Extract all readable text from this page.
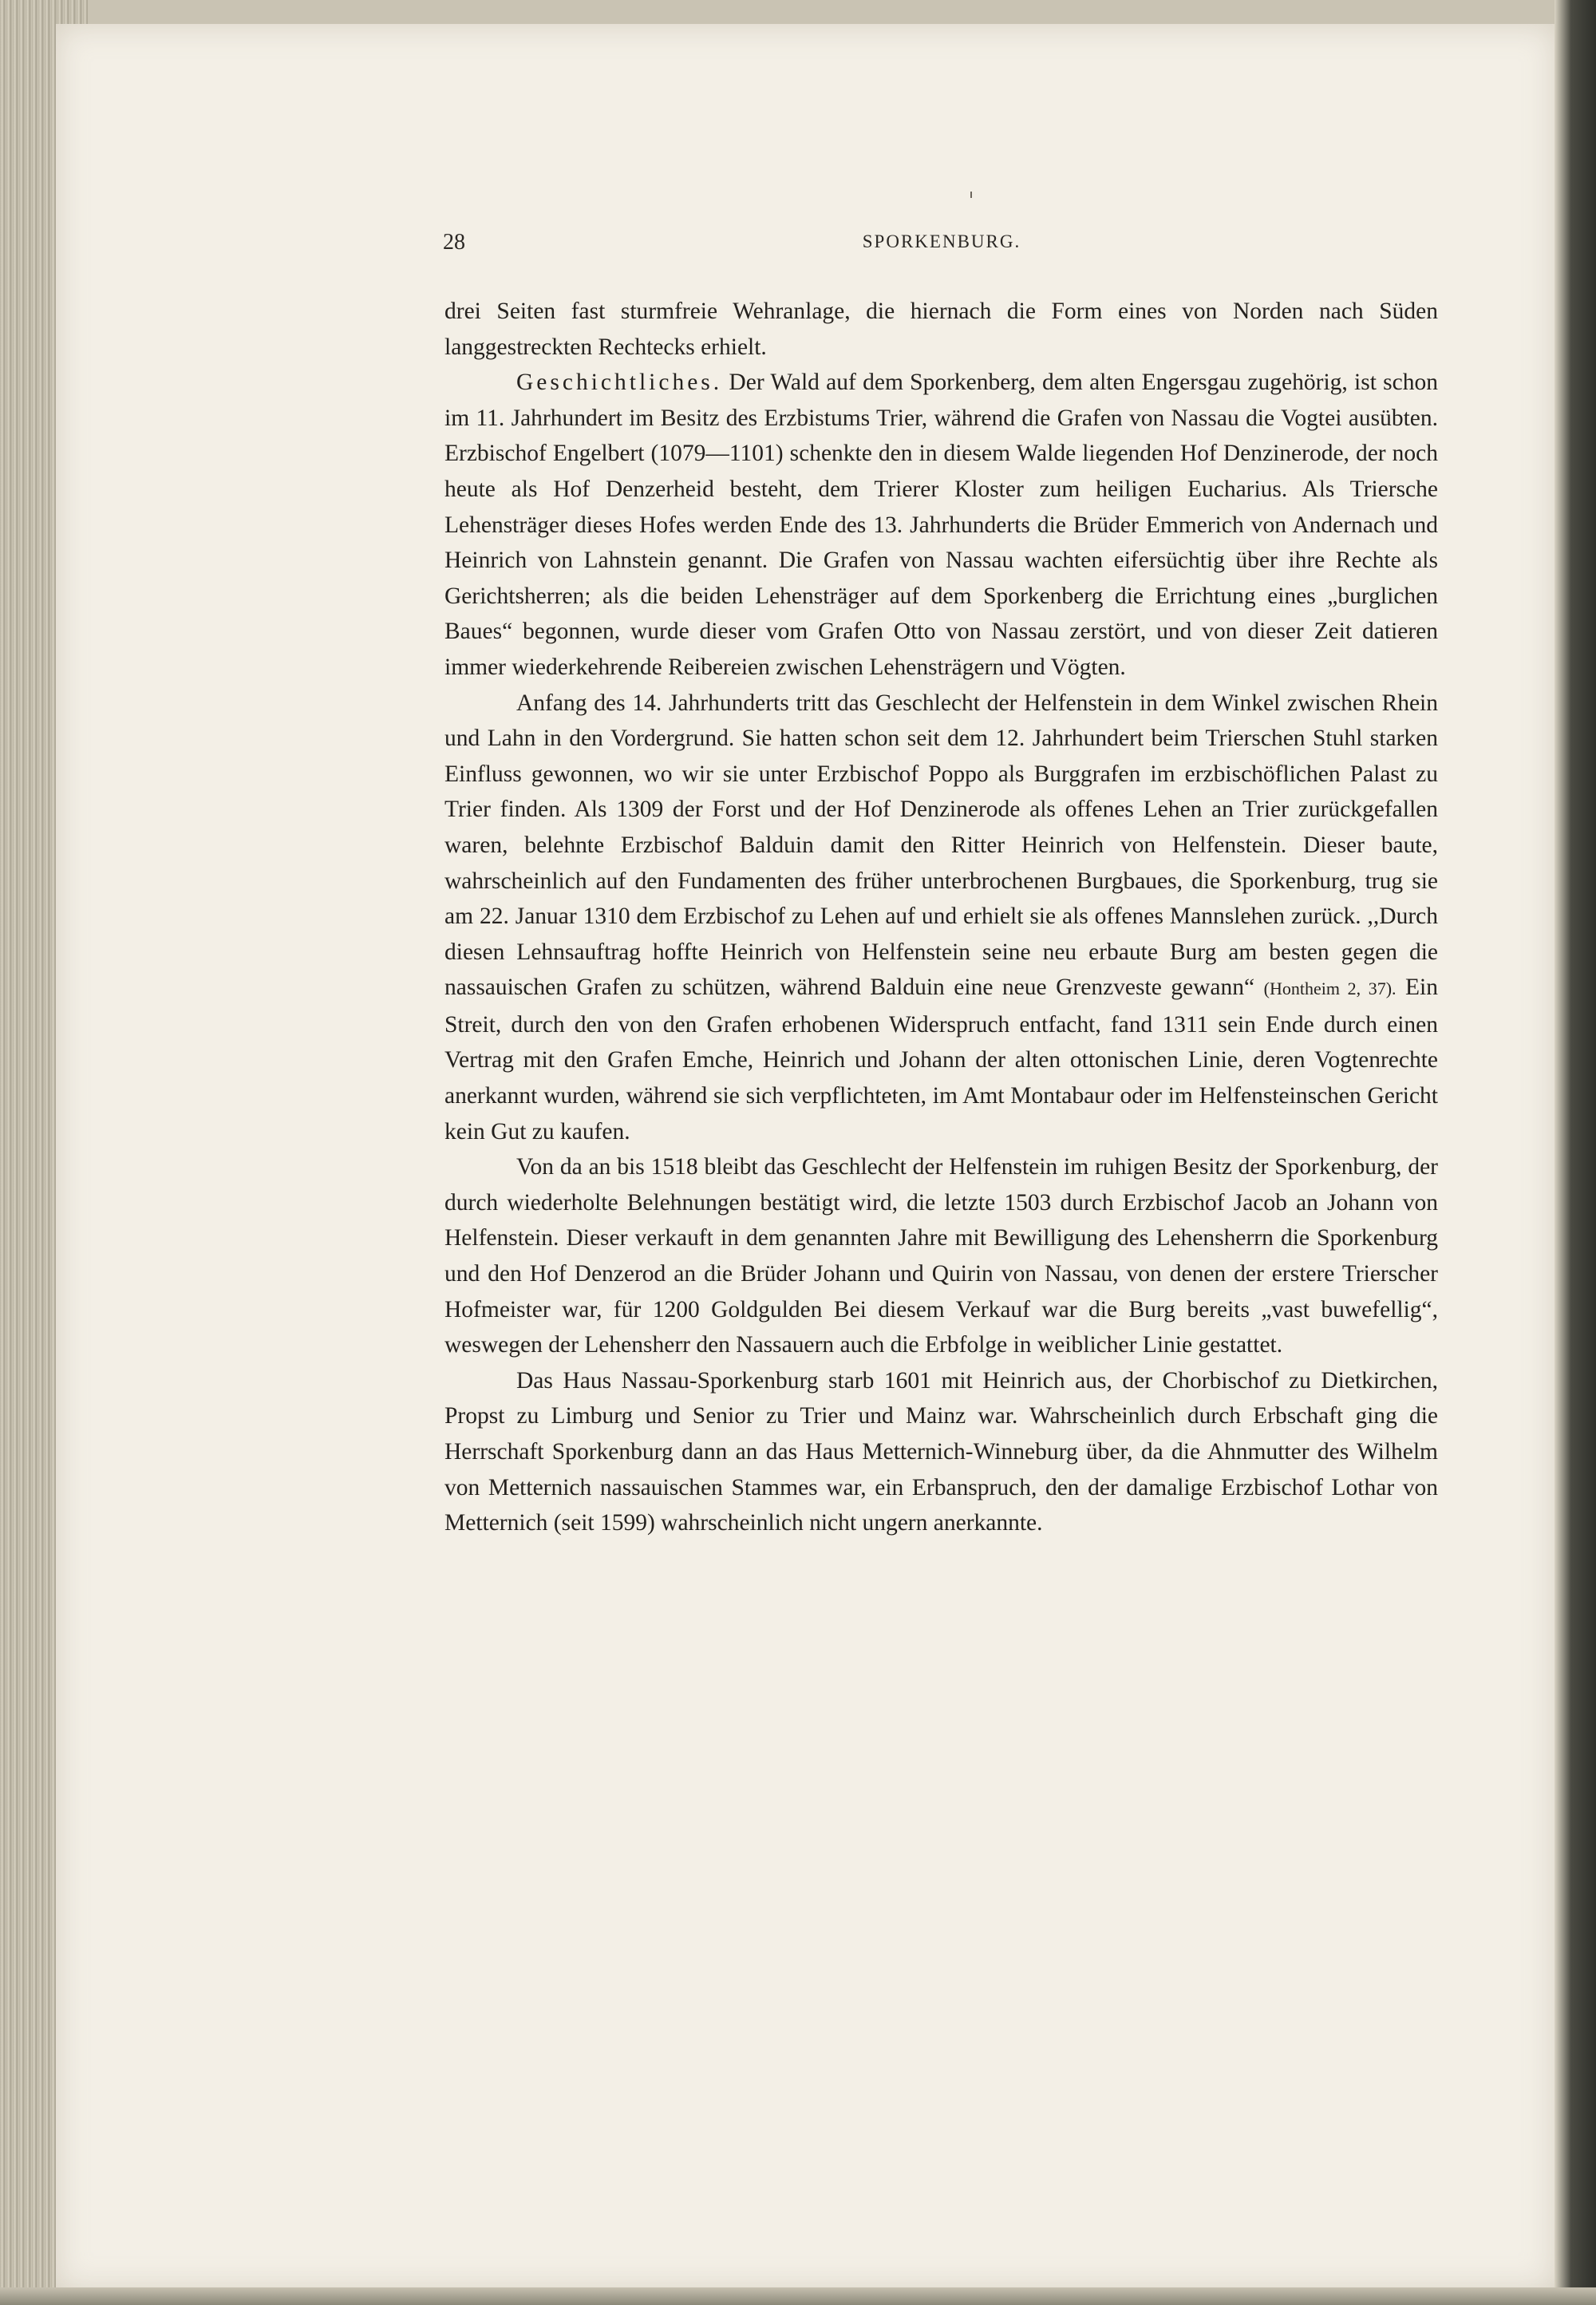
28	SPORKENBURG.

drei Seiten fast sturmfreie Wehranlage, die hiernach die Form eines von Norden nach Süden langgestreckten Rechtecks erhielt.

Geschichtliches. Der Wald auf dem Sporkenberg, dem alten Engersgau zugehörig, ist schon im 11. Jahrhundert im Besitz des Erzbistums Trier, während die Grafen von Nassau die Vogtei ausübten. Erzbischof Engelbert (1079—1101) schenkte den in diesem Walde liegenden Hof Denzinerode, der noch heute als Hof Denzerheid besteht, dem Trierer Kloster zum heiligen Eucharius. Als Triersche Lehensträger dieses Hofes werden Ende des 13. Jahrhunderts die Brüder Emmerich von Andernach und Heinrich von Lahnstein genannt. Die Grafen von Nassau wachten eifersüchtig über ihre Rechte als Gerichtsherren; als die beiden Lehensträger auf dem Sporkenberg die Errichtung eines „burglichen Baues“ begonnen, wurde dieser vom Grafen Otto von Nassau zerstört, und von dieser Zeit datieren immer wiederkehrende Reibereien zwischen Lehensträgern und Vögten.

Anfang des 14. Jahrhunderts tritt das Geschlecht der Helfenstein in dem Winkel zwischen Rhein und Lahn in den Vordergrund. Sie hatten schon seit dem 12. Jahrhundert beim Trierschen Stuhl starken Einfluss gewonnen, wo wir sie unter Erzbischof Poppo als Burggrafen im erzbischöflichen Palast zu Trier finden. Als 1309 der Forst und der Hof Denzinerode als offenes Lehen an Trier zurückgefallen waren, belehnte Erzbischof Balduin damit den Ritter Heinrich von Helfenstein. Dieser baute, wahrscheinlich auf den Fundamenten des früher unterbrochenen Burgbaues, die Sporkenburg, trug sie am 22. Januar 1310 dem Erzbischof zu Lehen auf und erhielt sie als offenes Mannslehen zurück. ,,Durch diesen Lehnsauftrag hoffte Heinrich von Helfenstein seine neu erbaute Burg am besten gegen die nassauischen Grafen zu schützen, während Balduin eine neue Grenzveste gewann“ (Hontheim 2, 37). Ein Streit, durch den von den Grafen erhobenen Widerspruch entfacht, fand 1311 sein Ende durch einen Vertrag mit den Grafen Emche, Heinrich und Johann der alten ottonischen Linie, deren Vogtenrechte anerkannt wurden, während sie sich verpflichteten, im Amt Montabaur oder im Helfensteinschen Gericht kein Gut zu kaufen.

Von da an bis 1518 bleibt das Geschlecht der Helfenstein im ruhigen Besitz der Sporkenburg, der durch wiederholte Belehnungen bestätigt wird, die letzte 1503 durch Erzbischof Jacob an Johann von Helfenstein. Dieser verkauft in dem genannten Jahre mit Bewilligung des Lehensherrn die Sporkenburg und den Hof Denzerod an die Brüder Johann und Quirin von Nassau, von denen der erstere Trierscher Hofmeister war, für 1200 Goldgulden Bei diesem Verkauf war die Burg bereits „vast buwefellig“, weswegen der Lehensherr den Nassauern auch die Erbfolge in weiblicher Linie gestattet.

Das Haus Nassau-Sporkenburg starb 1601 mit Heinrich aus, der Chorbischof zu Dietkirchen, Propst zu Limburg und Senior zu Trier und Mainz war. Wahrscheinlich durch Erbschaft ging die Herrschaft Sporkenburg dann an das Haus Metternich-Winneburg über, da die Ahnmutter des Wilhelm von Metternich nassauischen Stammes war, ein Erbanspruch, den der damalige Erzbischof Lothar von Metternich (seit 1599) wahrscheinlich nicht ungern anerkannte.
